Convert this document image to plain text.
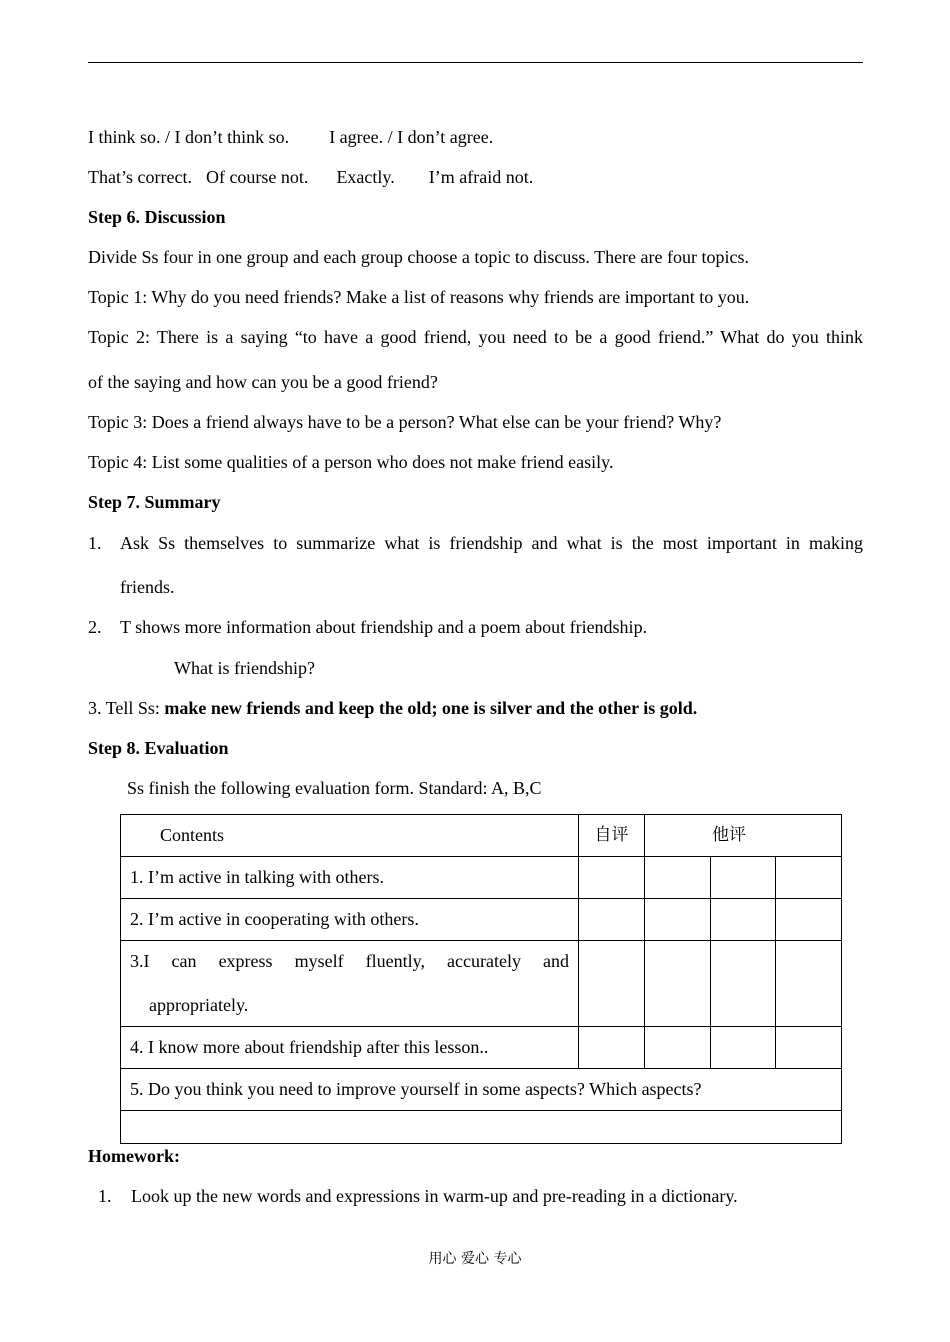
I think so. / I don’t think so. I agree. / I don’t agree.
That’s correct. Of course not. Exactly. I’m afraid not.
Step 6. Discussion
Divide Ss four in one group and each group choose a topic to discuss. There are four topics.
Topic 1: Why do you need friends? Make a list of reasons why friends are important to you.
Topic 2: There is a saying “to have a good friend, you need to be a good friend.” What do you think
of the saying and how can you be a good friend?
Topic 3: Does a friend always have to be a person? What else can be your friend? Why?
Topic 4: List some qualities of a person who does not make friend easily.
Step 7. Summary
1. Ask Ss themselves to summarize what is friendship and what is the most important in making
friends.
2. T shows more information about friendship and a poem about friendship.
What is friendship?
3. Tell Ss: make new friends and keep the old; one is silver and the other is gold.
Step 8. Evaluation
Ss finish the following evaluation form. Standard: A, B,C
Contents	自评	他评		

1. I’m active in talking with others.				

2. I’m active in cooperating with others.				

3.I can express myself fluently, accurately and
appropriately.				

4. I know more about friendship after this lesson..				

5. Do you think you need to improve yourself in some aspects? Which aspects?				

Homework:
1. Look up the new words and expressions in warm-up and pre-reading in a dictionary.
用心 爱心 专心
